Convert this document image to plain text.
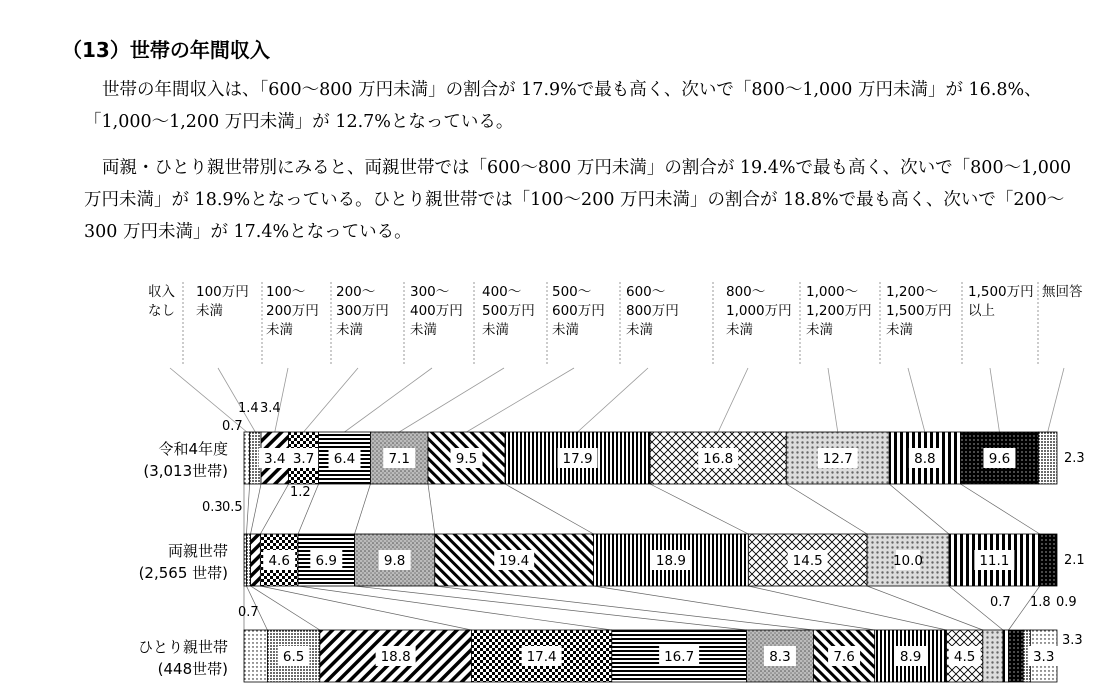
（13）世帯の年間収入
世帯の年間収入は、「600～800 万円未満」の割合が 17.9%で最も高く、次いで「800～1,000 万円未満」が 16.8%、「1,000～1,200 万円未満」が 12.7%となっている。
両親・ひとり親世帯別にみると、両親世帯では「600～800 万円未満」の割合が 19.4%で最も高く、次いで「800～1,000 万円未満」が 18.9%となっている。ひとり親世帯では「100～200 万円未満」の割合が 18.8%で最も高く、次いで「200～300 万円未満」が 17.4%となっている。
収入
なし
100万円
未満
100～
200万円
未満
200～
300万円
未満
300～
400万円
未満
400～
500万円
未満
500～
600万円
未満
600～
800万円
未満
800～
1,000万円
未満
1,000～
1,200万円
未満
1,200～
1,500万円
未満
1,500万円
以上
無回答
3.4 3.7 6.4 7.1	9.5	17.9	16.8	12.7	8.8	9.6
4.6 6.9	9.8	19.4	18.9	14.5	10.0	11.1
6.5	18.8	17.4	16.7	8.3	7.6	8.9 4.5	3.3
令和4年度
(3,013世帯)
両親世帯
(2,565 世帯)
ひとり親世帯
(448世帯)
0.7
1.4 3.4
2.3
0.3 0.5
1.2
2.1
0.7 1.8 0.9
3.3
0.7
